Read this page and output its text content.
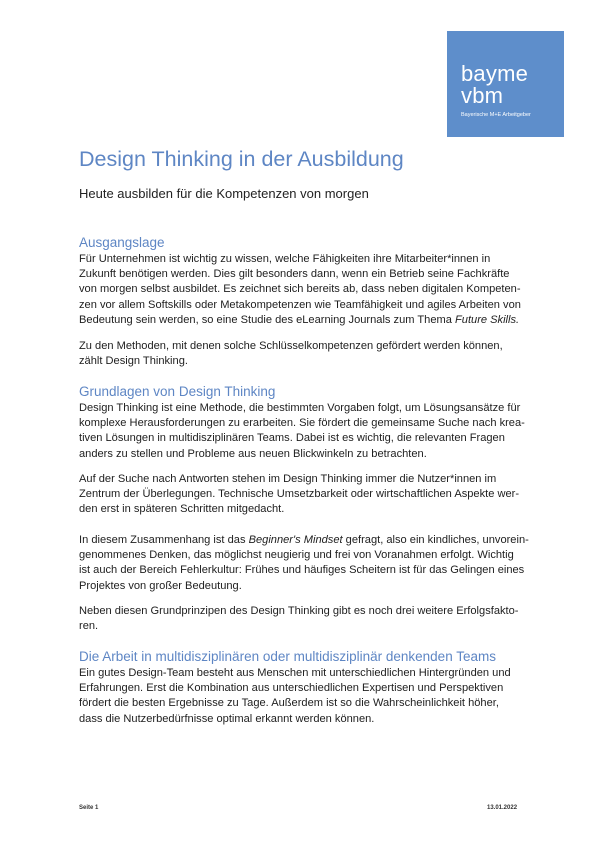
bayme
vbm
Bayerische M+E Arbeitgeber
Design Thinking in der Ausbildung
Heute ausbilden für die Kompetenzen von morgen
Ausgangslage
Für Unternehmen ist wichtig zu wissen, welche Fähigkeiten ihre Mitarbeiter*innen in
Zukunft benötigen werden. Dies gilt besonders dann, wenn ein Betrieb seine Fachkräfte
von morgen selbst ausbildet. Es zeichnet sich bereits ab, dass neben digitalen Kompeten-
zen vor allem Softskills oder Metakompetenzen wie Teamfähigkeit und agiles Arbeiten von
Bedeutung sein werden, so eine Studie des eLearning Journals zum Thema Future Skills.
Zu den Methoden, mit denen solche Schlüsselkompetenzen gefördert werden können,
zählt Design Thinking.
Grundlagen von Design Thinking
Design Thinking ist eine Methode, die bestimmten Vorgaben folgt, um Lösungsansätze für
komplexe Herausforderungen zu erarbeiten. Sie fördert die gemeinsame Suche nach krea-
tiven Lösungen in multidisziplinären Teams. Dabei ist es wichtig, die relevanten Fragen
anders zu stellen und Probleme aus neuen Blickwinkeln zu betrachten.
Auf der Suche nach Antworten stehen im Design Thinking immer die Nutzer*innen im
Zentrum der Überlegungen. Technische Umsetzbarkeit oder wirtschaftlichen Aspekte wer-
den erst in späteren Schritten mitgedacht.
In diesem Zusammenhang ist das Beginner's Mindset gefragt, also ein kindliches, unvorein-
genommenes Denken, das möglichst neugierig und frei von Voranahmen erfolgt. Wichtig
ist auch der Bereich Fehlerkultur: Frühes und häufiges Scheitern ist für das Gelingen eines
Projektes von großer Bedeutung.
Neben diesen Grundprinzipen des Design Thinking gibt es noch drei weitere Erfolgsfakto-
ren.
Die Arbeit in multidisziplinären oder multidisziplinär denkenden Teams
Ein gutes Design-Team besteht aus Menschen mit unterschiedlichen Hintergründen und
Erfahrungen. Erst die Kombination aus unterschiedlichen Expertisen und Perspektiven
fördert die besten Ergebnisse zu Tage. Außerdem ist so die Wahrscheinlichkeit höher,
dass die Nutzerbedürfnisse optimal erkannt werden können.
Seite 1	13.01.2022
